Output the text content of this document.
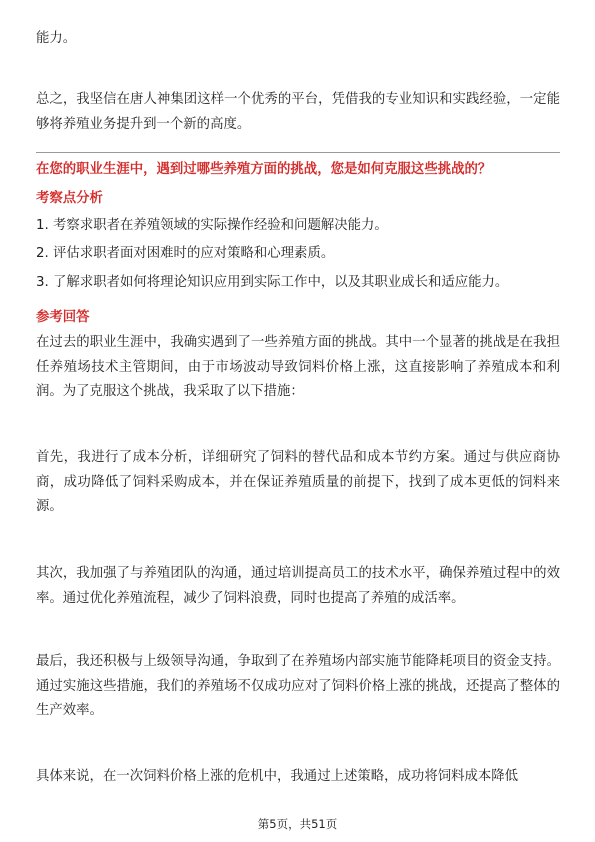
能力。

总之，我坚信在唐人神集团这样一个优秀的平台，凭借我的专业知识和实践经验，一定能够将养殖业务提升到一个新的高度。

在您的职业生涯中，遇到过哪些养殖方面的挑战，您是如何克服这些挑战的？

考察点分析

1. 考察求职者在养殖领域的实际操作经验和问题解决能力。

2. 评估求职者面对困难时的应对策略和心理素质。

3. 了解求职者如何将理论知识应用到实际工作中，以及其职业成长和适应能力。

参考回答

在过去的职业生涯中，我确实遇到了一些养殖方面的挑战。其中一个显著的挑战是在我担任养殖场技术主管期间，由于市场波动导致饲料价格上涨，这直接影响了养殖成本和利润。为了克服这个挑战，我采取了以下措施：

首先，我进行了成本分析，详细研究了饲料的替代品和成本节约方案。通过与供应商协商，成功降低了饲料采购成本，并在保证养殖质量的前提下，找到了成本更低的饲料来源。

其次，我加强了与养殖团队的沟通，通过培训提高员工的技术水平，确保养殖过程中的效率。通过优化养殖流程，减少了饲料浪费，同时也提高了养殖的成活率。

最后，我还积极与上级领导沟通，争取到了在养殖场内部实施节能降耗项目的资金支持。通过实施这些措施，我们的养殖场不仅成功应对了饲料价格上涨的挑战，还提高了整体的生产效率。

具体来说，在一次饲料价格上涨的危机中，我通过上述策略，成功将饲料成本降低

第5页，共51页
